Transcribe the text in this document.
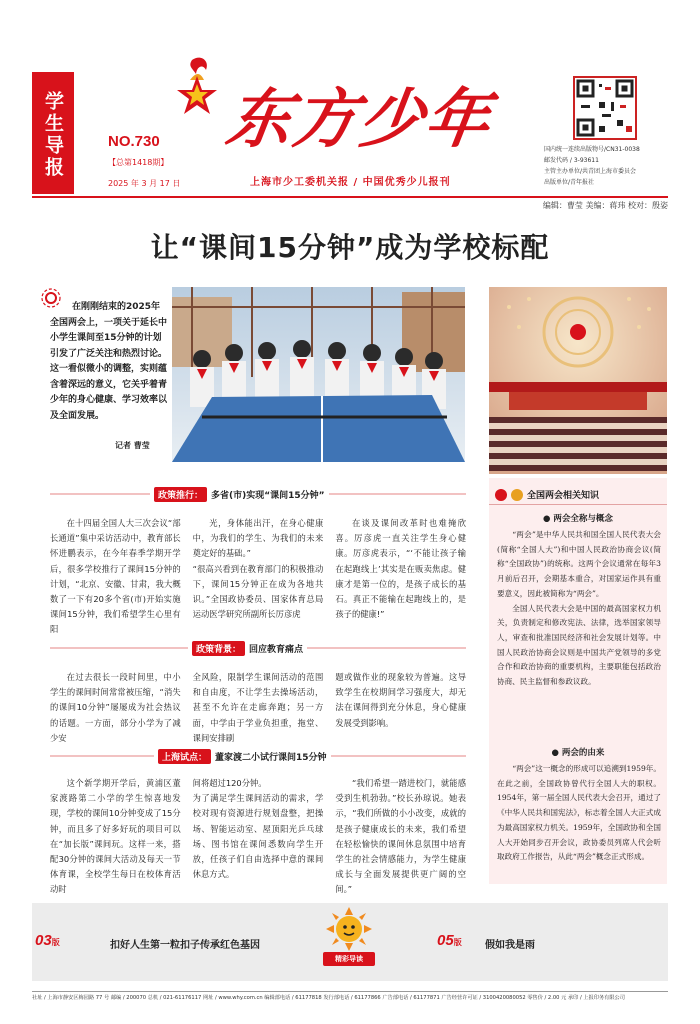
学生导报	NO.730
【总第1418期】
2025 年 3 月 17 日
东方少年
上海市少工委机关报 / 中国优秀少儿报刊
国内统一连续出版物号/CN31-0038
邮发代码 / 3-93611
主管主办单位/共青团上海市委员会
出版单位/青年报社
编辑：曹莹 美编：蒋玮 校对：殷姿
让“课间15分钟”成为学校标配

在刚刚结束的2025年全国两会上，一项关于延长中小学生课间至15分钟的计划引发了广泛关注和热烈讨论。这一看似微小的调整，实则蕴含着深远的意义，它关乎着青少年的身心健康、学习效率以及全面发展。

记者 曹莹
政策推行： 多省(市)实现“课间15分钟”

在十四届全国人大三次会议“部长通道”集中采访活动中，教育部长怀进鹏表示，在今年春季学期开学后，很多学校推行了课间15分钟的计划，“北京、安徽、甘肃，我大概数了一下有20多个省(市)开始实施课间15分钟，我们希望学生心里有阳

光，身体能出汗，在身心健康中，为我们的学生、为我们的未来奠定好的基础。”
“很高兴看到在教育部门的积极推动下，课间15分钟正在成为各地共识。”全国政协委员、国家体育总局运动医学研究所副所长厉彦虎

在谈及课间改革时也难掩欣喜。厉彦虎一直关注学生身心健康。厉彦虎表示，“‘不能让孩子输在起跑线上’其实是在贩卖焦虑。健康才是第一位的，是孩子成长的基石。真正不能输在起跑线上的，是孩子的健康!”

政策背景： 回应教育痛点

在过去很长一段时间里，中小学生的课间时间常常被压缩，“消失的课间10分钟”屡屡成为社会热议的话题。一方面，部分小学为了减少安

全风险，限制学生课间活动的范围和自由度，不让学生去操场活动，甚至不允许在走廊奔跑；另一方面，中学由于学业负担重，拖堂、课间安排刷

题或做作业的现象较为普遍。这导致学生在校期间学习强度大，却无法在课间得到充分休息，身心健康发展受到影响。

上海试点： 董家渡二小试行课间15分钟

这个新学期开学后，黄浦区董家渡路第二小学的学生惊喜地发现，学校的课间10分钟变成了15分钟，而且多了好多好玩的项目可以在“加长版”课间玩。这样一来，搭配30分钟的课间大活动及每天一节体育课，全校学生每日在校体育活动时

间将超过120分钟。
为了满足学生课间活动的需求，学校对现有资源进行规划盘整，把操场、智能运动室、屋顶阳光乒乓球场、图书馆在课间悉数向学生开放，任孩子们自由选择中意的课间休息方式。

“我们希望一踏进校门，就能感受到生机勃勃。”校长孙琼说。她表示，“我们所做的小小改变，成就的是孩子健康成长的未来，我们希望在轻松愉快的课间休息氛围中培育学生的社会情感能力，为学生健康成长与全面发展提供更广阔的空间。”

全国两会相关知识
● 两会全称与概念

“两会”是中华人民共和国全国人民代表大会(简称“全国人大”)和中国人民政治协商会议(简称“全国政协”)的统称。这两个会议通常在每年3月前后召开，会期基本重合，对国家运作具有重要意义，因此被简称为“两会”。

全国人民代表大会是中国的最高国家权力机关，负责制定和修改宪法、法律，选举国家领导人，审查和批准国民经济和社会发展计划等。中国人民政治协商会议则是中国共产党领导的多党合作和政治协商的重要机构，主要职能包括政治协商、民主监督和参政议政。

● 两会的由来

“两会”这一概念的形成可以追溯到1959年。在此之前，全国政协曾代行全国人大的职权。1954年，第一届全国人民代表大会召开，通过了《中华人民共和国宪法》，标志着全国人大正式成为最高国家权力机关。1959年，全国政协和全国人大开始同步召开会议，政协委员列席人代会听取政府工作报告，从此“两会”概念正式形成。

03版	扣好人生第一粒扣子传承红色基因
精彩导读
05版 假如我是雨
社址 / 上海市静安区梅园路 77 号 邮编 / 200070 总机 / 021-61176117 网址 / www.why.com.cn 编辑部电话 / 61177818 发行部电话 / 61177866 广告部电话 / 61177871 广告经营许可证 / 3100420080052 零售价 / 2.00 元 承印 / 上报印务有限公司
